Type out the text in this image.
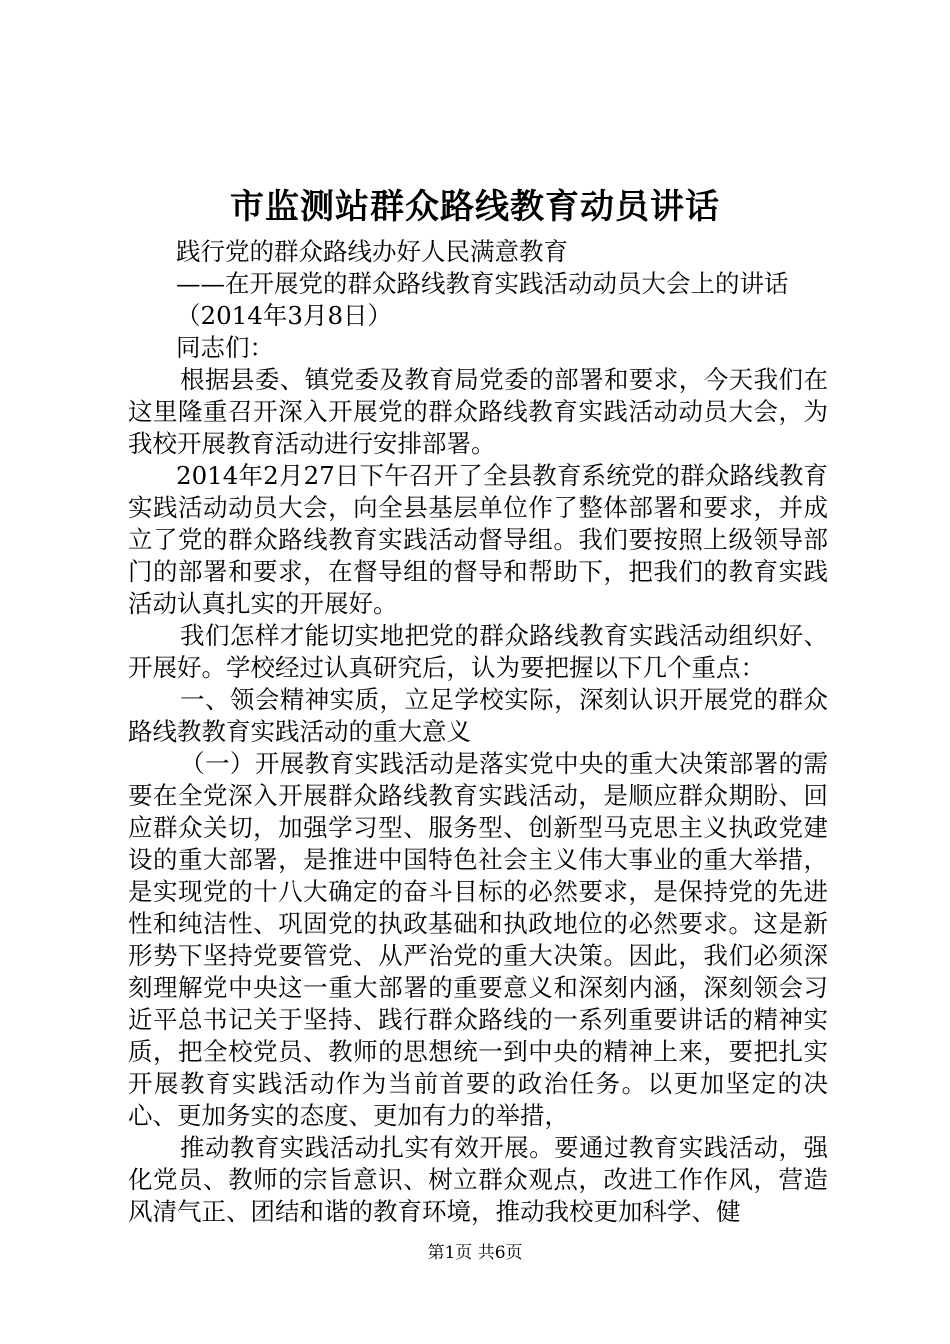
市监测站群众路线教育动员讲话

践行党的群众路线办好人民满意教育

——在开展党的群众路线教育实践活动动员大会上的讲话

（2014年3月8日）

同志们：

根据县委、镇党委及教育局党委的部署和要求，今天我们在这里隆重召开深入开展党的群众路线教育实践活动动员大会，为我校开展教育活动进行安排部署。

2014年2月27日下午召开了全县教育系统党的群众路线教育实践活动动员大会，向全县基层单位作了整体部署和要求，并成立了党的群众路线教育实践活动督导组。我们要按照上级领导部门的部署和要求，在督导组的督导和帮助下，把我们的教育实践活动认真扎实的开展好。

我们怎样才能切实地把党的群众路线教育实践活动组织好、开展好。学校经过认真研究后，认为要把握以下几个重点：

一、领会精神实质，立足学校实际，深刻认识开展党的群众路线教教育实践活动的重大意义

（一）开展教育实践活动是落实党中央的重大决策部署的需要在全党深入开展群众路线教育实践活动，是顺应群众期盼、回应群众关切，加强学习型、服务型、创新型马克思主义执政党建设的重大部署，是推进中国特色社会主义伟大事业的重大举措，是实现党的十八大确定的奋斗目标的必然要求，是保持党的先进性和纯洁性、巩固党的执政基础和执政地位的必然要求。这是新形势下坚持党要管党、从严治党的重大决策。因此，我们必须深刻理解党中央这一重大部署的重要意义和深刻内涵，深刻领会习近平总书记关于坚持、践行群众路线的一系列重要讲话的精神实质，把全校党员、教师的思想统一到中央的精神上来，要把扎实开展教育实践活动作为当前首要的政治任务。以更加坚定的决心、更加务实的态度、更加有力的举措，

推动教育实践活动扎实有效开展。要通过教育实践活动，强化党员、教师的宗旨意识、树立群众观点，改进工作作风，营造风清气正、团结和谐的教育环境，推动我校更加科学、健

第1页 共6页
